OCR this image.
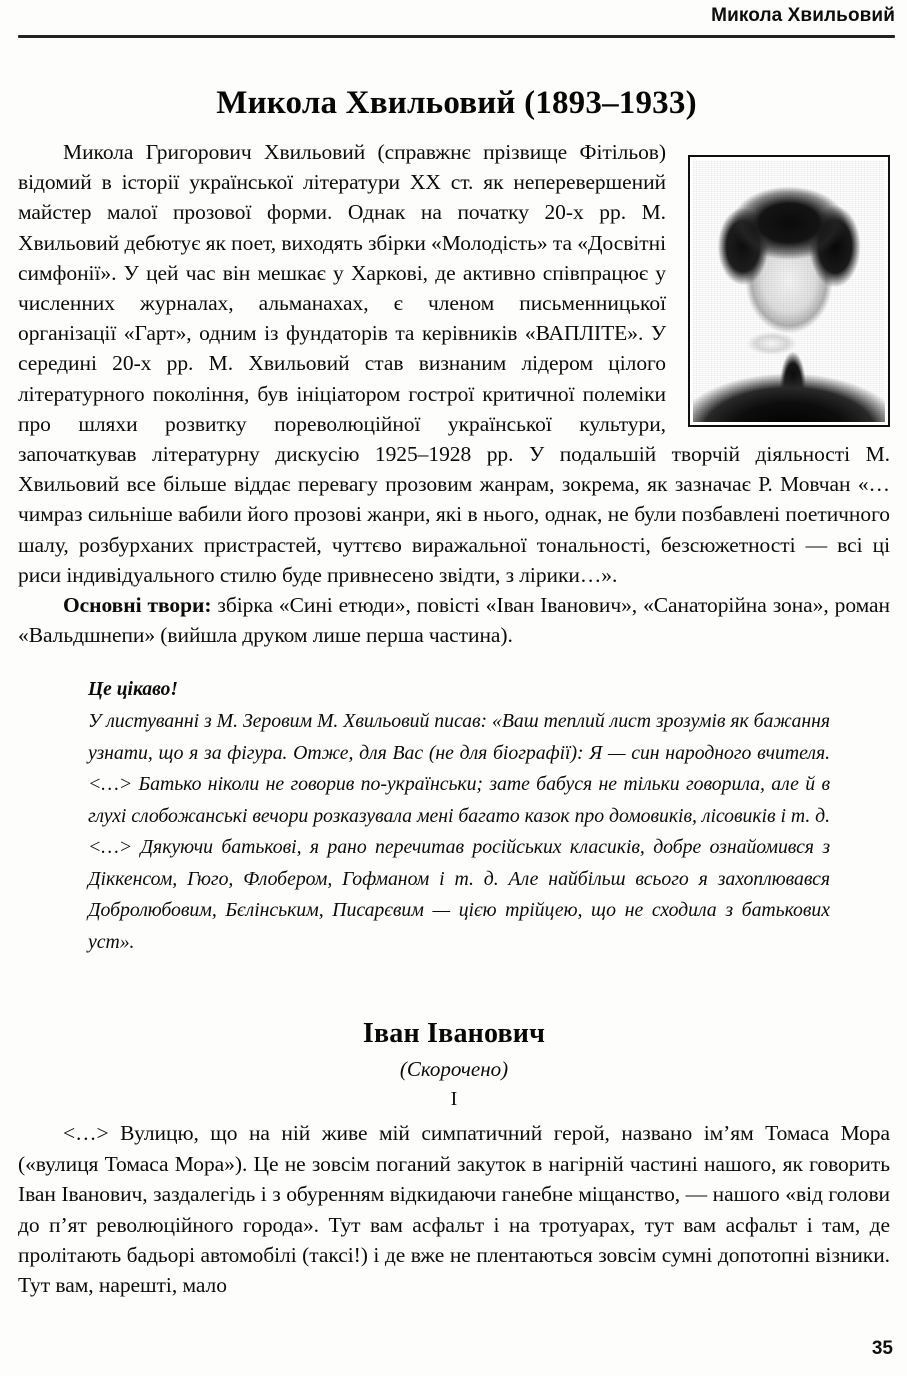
Микола Хвильовий
Микола Хвильовий (1893–1933)

Микола Григорович Хвильовий (справжнє прізвище Фітільов) відомий в історії української літератури XX ст. як неперевершений майстер малої прозової форми. Однак на початку 20-х рр. М. Хвильовий дебютує як поет, виходять збірки «Молодість» та «Досвітні симфонії». У цей час він мешкає у Харкові, де активно співпрацює у численних журналах, альманахах, є членом письменницької організації «Гарт», одним із фундаторів та керівників «ВАПЛІТЕ». У середині 20-х рр. М. Хвильовий став визнаним лідером цілого літературного покоління, був ініціатором гострої критичної полеміки про шляхи розвитку пореволюційної української культури, започаткував літературну дискусію 1925–1928 рр. У подальшій творчій діяльності М. Хвильовий все більше віддає перевагу прозовим жанрам, зокрема, як зазначає Р. Мовчан «…чимраз сильніше вабили його прозові жанри, які в нього, однак, не були позбавлені поетичного шалу, розбурханих пристрастей, чуттєво виражальної тональності, безсюжетності — всі ці риси індивідуального стилю буде привнесено звідти, з лірики…».

Основні твори: збірка «Сині етюди», повісті «Іван Іванович», «Санаторійна зона», роман «Вальдшнепи» (вийшла друком лише перша частина).

Це цікаво!
У листуванні з М. Зеровим М. Хвильовий писав: «Ваш теплий лист зрозумів як бажання узнати, що я за фігура. Отже, для Вас (не для біографії): Я — син народного вчителя. <…> Батько ніколи не говорив по-українськи; зате бабуся не тільки говорила, але й в глухі слобожанські вечори розказувала мені багато казок про домовиків, лісовиків і т. д. <…> Дякуючи батькові, я рано перечитав російських класиків, добре ознайомився з Діккенсом, Гюго, Флобером, Гофманом і т. д. Але найбільш всього я захоплювався Добролюбовим, Бєлінським, Писарєвим — цією трійцею, що не сходила з батькових уст».
Іван Іванович
(Скорочено)
I

<…> Вулицю, що на ній живе мій симпатичний герой, названо ім’ям Томаса Мора («вулиця Томаса Мора»). Це не зовсім поганий закуток в нагірній частині нашого, як говорить Іван Іванович, заздалегідь і з обуренням відкидаючи ганебне міщанство, — нашого «від голови до п’ят революційного города». Тут вам асфальт і на тротуарах, тут вам асфальт і там, де пролітають бадьорі автомобілі (таксі!) і де вже не плентаються зовсім сумні допотопні візники. Тут вам, нарешті, мало

35
